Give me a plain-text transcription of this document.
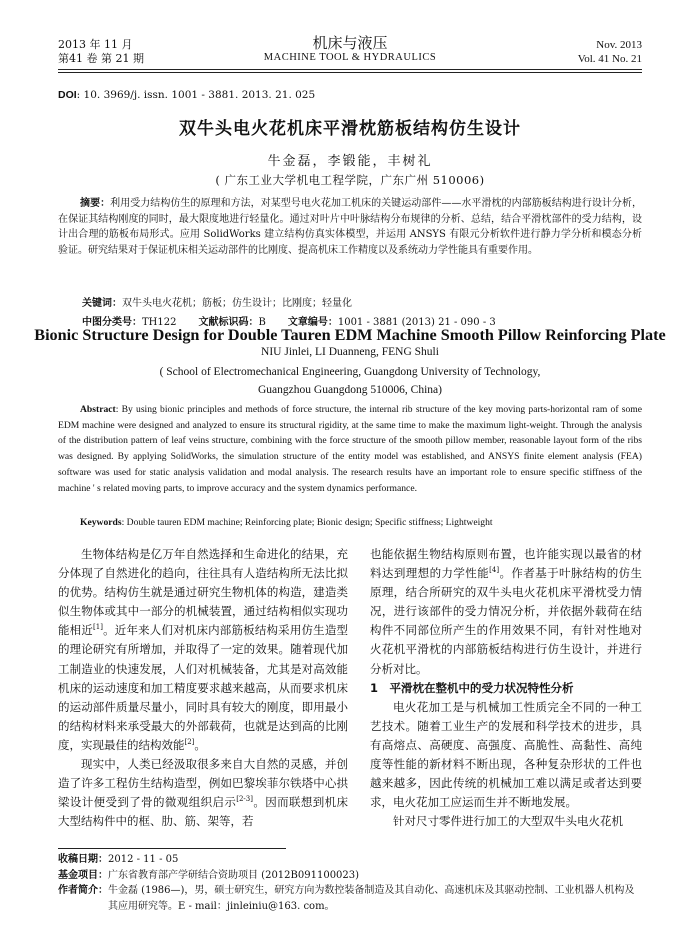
2013 年 11 月
第41 卷 第 21 期
机床与液压
MACHINE TOOL & HYDRAULICS
Nov. 2013
Vol. 41 No. 21
DOI: 10. 3969/j. issn. 1001 - 3881. 2013. 21. 025
双牛头电火花机床平滑枕筋板结构仿生设计
牛金磊，李锻能，丰树礼
( 广东工业大学机电工程学院，广东广州 510006)
摘要：利用受力结构仿生的原理和方法，对某型号电火花加工机床的关键运动部件——水平滑枕的内部筋板结构进行设计分析，在保证其结构刚度的同时，最大限度地进行轻量化。通过对叶片中叶脉结构分布规律的分析、总结，结合平滑枕部件的受力结构，设计出合理的筋板布局形式。应用 SolidWorks 建立结构仿真实体模型，并运用 ANSYS 有限元分析软件进行静力学分析和模态分析验证。研究结果对于保证机床相关运动部件的比刚度、提高机床工作精度以及系统动力学性能具有重要作用。
关键词：双牛头电火花机；筋板；仿生设计；比刚度；轻量化
中图分类号：TH122 文献标识码：B 文章编号：1001 - 3881 (2013) 21 - 090 - 3
Bionic Structure Design for Double Tauren EDM Machine Smooth Pillow Reinforcing Plate
NIU Jinlei, LI Duanneng, FENG Shuli
( School of Electromechanical Engineering, Guangdong University of Technology,
Guangzhou Guangdong 510006, China)
Abstract: By using bionic principles and methods of force structure, the internal rib structure of the key moving parts-horizontal ram of some EDM machine were designed and analyzed to ensure its structural rigidity, at the same time to make the maximum light-weight. Through the analysis of the distribution pattern of leaf veins structure, combining with the force structure of the smooth pillow member, reasonable layout form of the ribs was designed. By applying SolidWorks, the simulation structure of the entity model was established, and ANSYS finite element analysis (FEA) software was used for static analysis validation and modal analysis. The research results have an important role to ensure specific stiffness of the machine ' s related moving parts, to improve accuracy and the system dynamics performance.
Keywords: Double tauren EDM machine; Reinforcing plate; Bionic design; Specific stiffness; Lightweight

生物体结构是亿万年自然选择和生命进化的结果，充分体现了自然进化的趋向，往往具有人造结构所无法比拟的优势。结构仿生就是通过研究生物机体的构造，建造类似生物体或其中一部分的机械装置，通过结构相似实现功能相近[1]。近年来人们对机床内部筋板结构采用仿生造型的理论研究有所增加，并取得了一定的效果。随着现代加工制造业的快速发展，人们对机械装备，尤其是对高效能机床的运动速度和加工精度要求越来越高，从而要求机床的运动部件质量尽量小，同时具有较大的刚度，即用最小的结构材料来承受最大的外部载荷，也就是达到高的比刚度，实现最佳的结构效能[2]。

现实中，人类已经汲取很多来自大自然的灵感，并创造了许多工程仿生结构造型，例如巴黎埃菲尔铁塔中心拱梁设计便受到了骨的微观组织启示[2-3]。因而联想到机床大型结构件中的框、肋、筋、架等，若

也能依据生物结构原则布置，也许能实现以最省的材料达到理想的力学性能[4]。作者基于叶脉结构的仿生原理，结合所研究的双牛头电火花机床平滑枕受力情况，进行该部件的受力情况分析，并依据外载荷在结构件不同部位所产生的作用效果不同，有针对性地对火花机平滑枕的内部筋板结构进行仿生设计，并进行分析对比。

1　平滑枕在整机中的受力状况特性分析

电火花加工是与机械加工性质完全不同的一种工艺技术。随着工业生产的发展和科学技术的进步，具有高熔点、高硬度、高强度、高脆性、高黏性、高纯度等性能的新材料不断出现，各种复杂形状的工件也越来越多，因此传统的机械加工难以满足或者达到要求，电火花加工应运而生并不断地发展。

针对尺寸零件进行加工的大型双牛头电火花机

收稿日期： 2012 - 11 - 05
基金项目： 广东省教育部产学研结合资助项目 (2012B091100023)
作者简介： 牛金磊 (1986—)，男，硕士研究生，研究方向为数控装备制造及其自动化、高速机床及其驱动控制、工业机器人机构及其应用研究等。E - mail：jinleiniu@163. com。
